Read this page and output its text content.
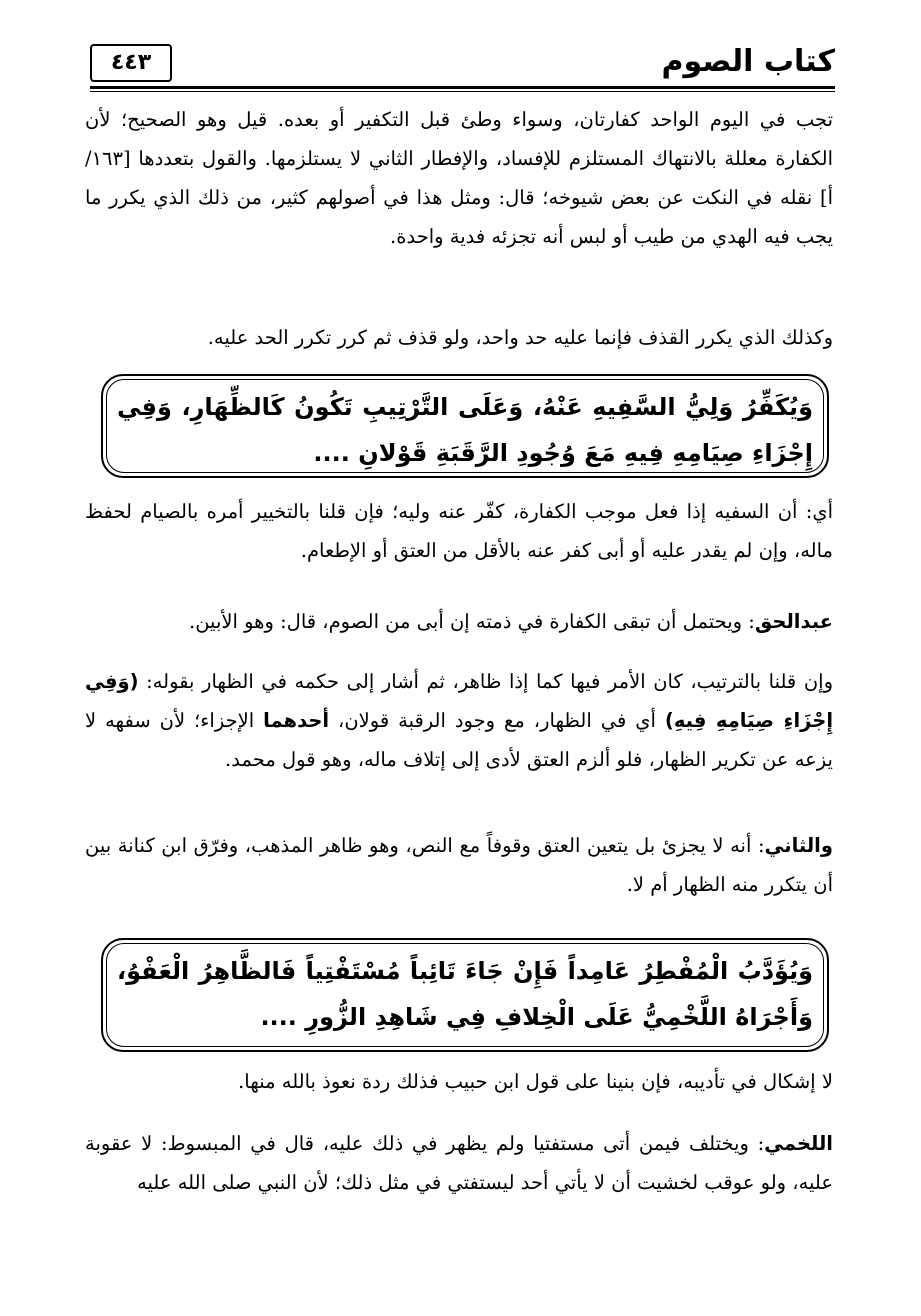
كتاب الصوم
٤٤٣

تجب في اليوم الواحد كفارتان، وسواء وطئ قبل التكفير أو بعده. قيل وهو الصحيح؛ لأن الكفارة معللة بالانتهاك المستلزم للإفساد، والإفطار الثاني لا يستلزمها. والقول بتعددها [١٦٣/ أ] نقله في النكت عن بعض شيوخه؛ قال: ومثل هذا في أصولهم كثير، من ذلك الذي يكرر ما يجب فيه الهدي من طيب أو لبس أنه تجزئه فدية واحدة.

وكذلك الذي يكرر القذف فإنما عليه حد واحد، ولو قذف ثم كرر تكرر الحد عليه.

وَيُكَفِّرُ وَلِيُّ السَّفِيهِ عَنْهُ، وَعَلَى التَّرْتِيبِ تَكُونُ كَالظِّهَارِ، وَفِي إِجْزَاءِ صِيَامِهِ فِيهِ مَعَ وُجُودِ الرَّقَبَةِ قَوْلانِ ....

أي: أن السفيه إذا فعل موجب الكفارة، كفّر عنه وليه؛ فإن قلنا بالتخيير أمره بالصيام لحفظ ماله، وإن لم يقدر عليه أو أبى كفر عنه بالأقل من العتق أو الإطعام.

عبدالحق: ويحتمل أن تبقى الكفارة في ذمته إن أبى من الصوم، قال: وهو الأبين.

وإن قلنا بالترتيب، كان الأمر فيها كما إذا ظاهر، ثم أشار إلى حكمه في الظهار بقوله: (وَفِي إِجْزَاءِ صِيَامِهِ فِيهِ) أي في الظهار، مع وجود الرقبة قولان، أحدهما الإجزاء؛ لأن سفهه لا يزعه عن تكرير الظهار، فلو ألزم العتق لأدى إلى إتلاف ماله، وهو قول محمد.

والثاني: أنه لا يجزئ بل يتعين العتق وقوفاً مع النص، وهو ظاهر المذهب، وفرّق ابن كنانة بين أن يتكرر منه الظهار أم لا.

وَيُؤَدَّبُ الْمُفْطِرُ عَامِداً فَإِنْ جَاءَ تَائِباً مُسْتَفْتِياً فَالظَّاهِرُ الْعَفْوُ، وَأَجْرَاهُ اللَّخْمِيُّ عَلَى الْخِلافِ فِي شَاهِدِ الزُّورِ ....

لا إشكال في تأديبه، فإن بنينا على قول ابن حبيب فذلك ردة نعوذ بالله منها.

اللخمي: ويختلف فيمن أتى مستفتيا ولم يظهر في ذلك عليه، قال في المبسوط: لا عقوبة عليه، ولو عوقب لخشيت أن لا يأتي أحد ليستفتي في مثل ذلك؛ لأن النبي صلى الله عليه
